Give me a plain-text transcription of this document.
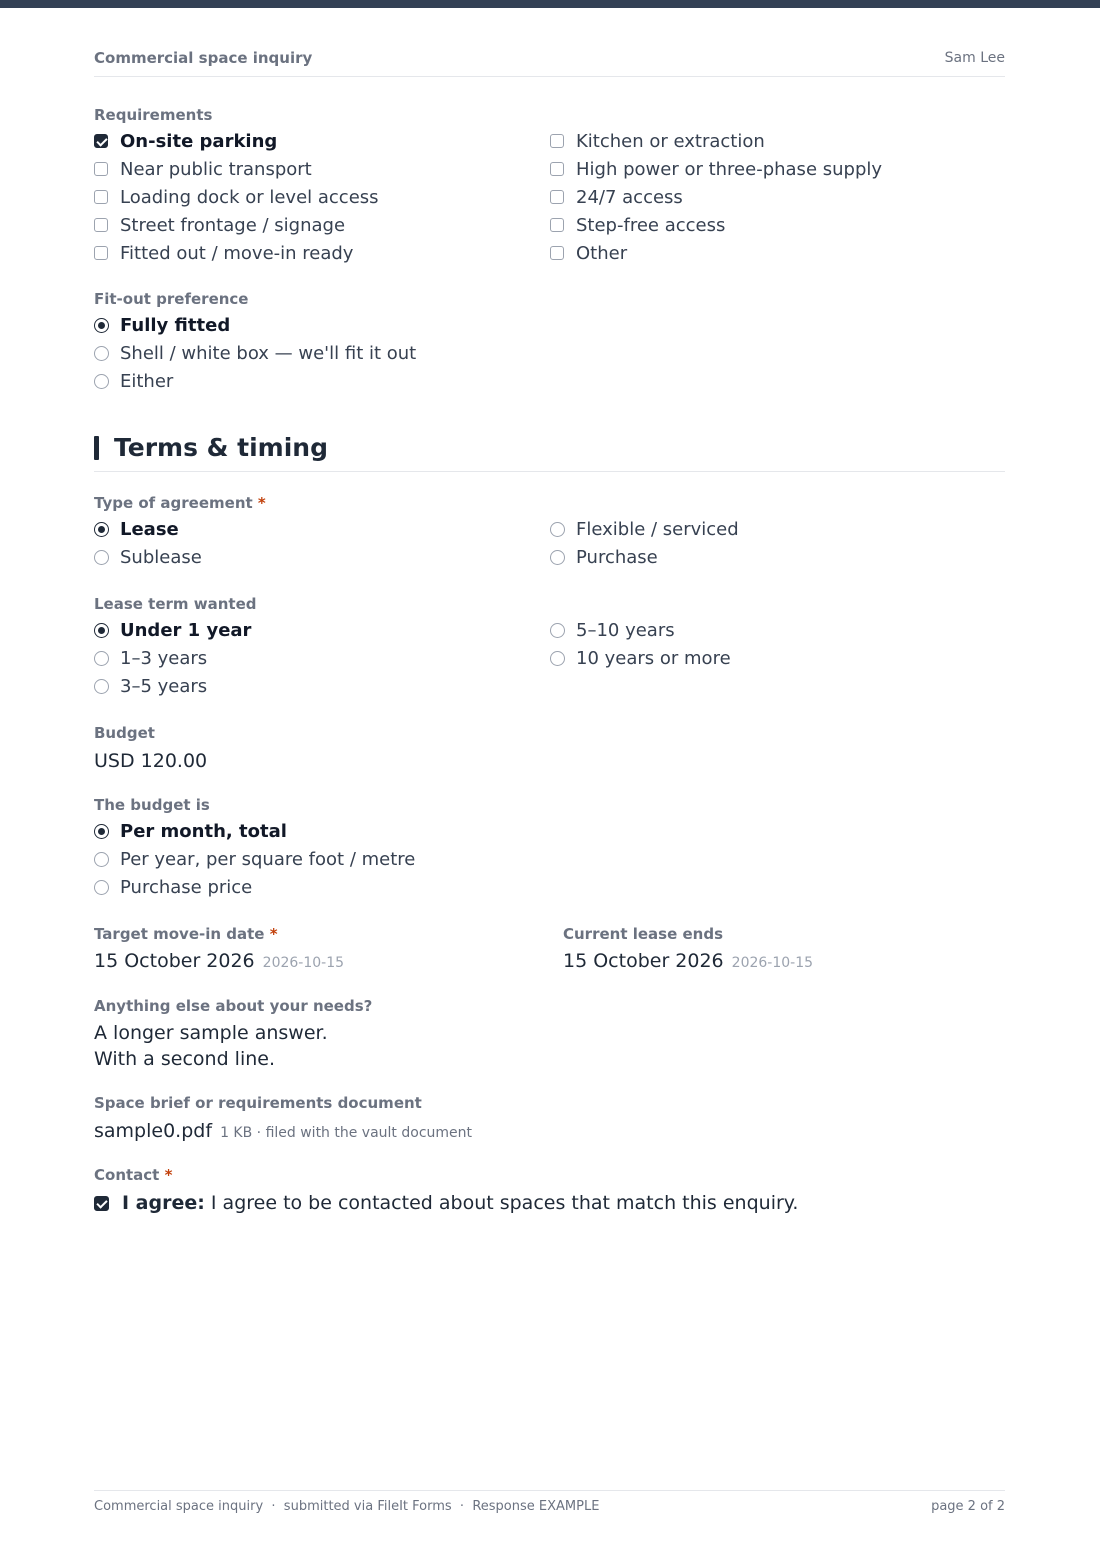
Commercial space inquiry	Sam Lee
Requirements
On-site parking
Near public transport
Loading dock or level access
Street frontage / signage
Fitted out / move-in ready
Kitchen or extraction
High power or three-phase supply
24/7 access
Step-free access
Other
Fit-out preference
Fully fitted
Shell / white box — we'll fit it out
Either
Terms & timing
Type of agreement *
Lease
Sublease
Flexible / serviced
Purchase
Lease term wanted
Under 1 year
1–3 years
3–5 years
5–10 years
10 years or more
Budget
USD 120.00
The budget is
Per month, total
Per year, per square foot / metre
Purchase price
Target move-in date *
15 October 2026 2026-10-15
Current lease ends
15 October 2026 2026-10-15
Anything else about your needs?
A longer sample answer.
With a second line.
Space brief or requirements document
sample0.pdf 1 KB · filed with the vault document
Contact *
I agree: I agree to be contacted about spaces that match this enquiry.
Commercial space inquiry  ·  submitted via FileIt Forms  ·  Response EXAMPLE	page 2 of 2
